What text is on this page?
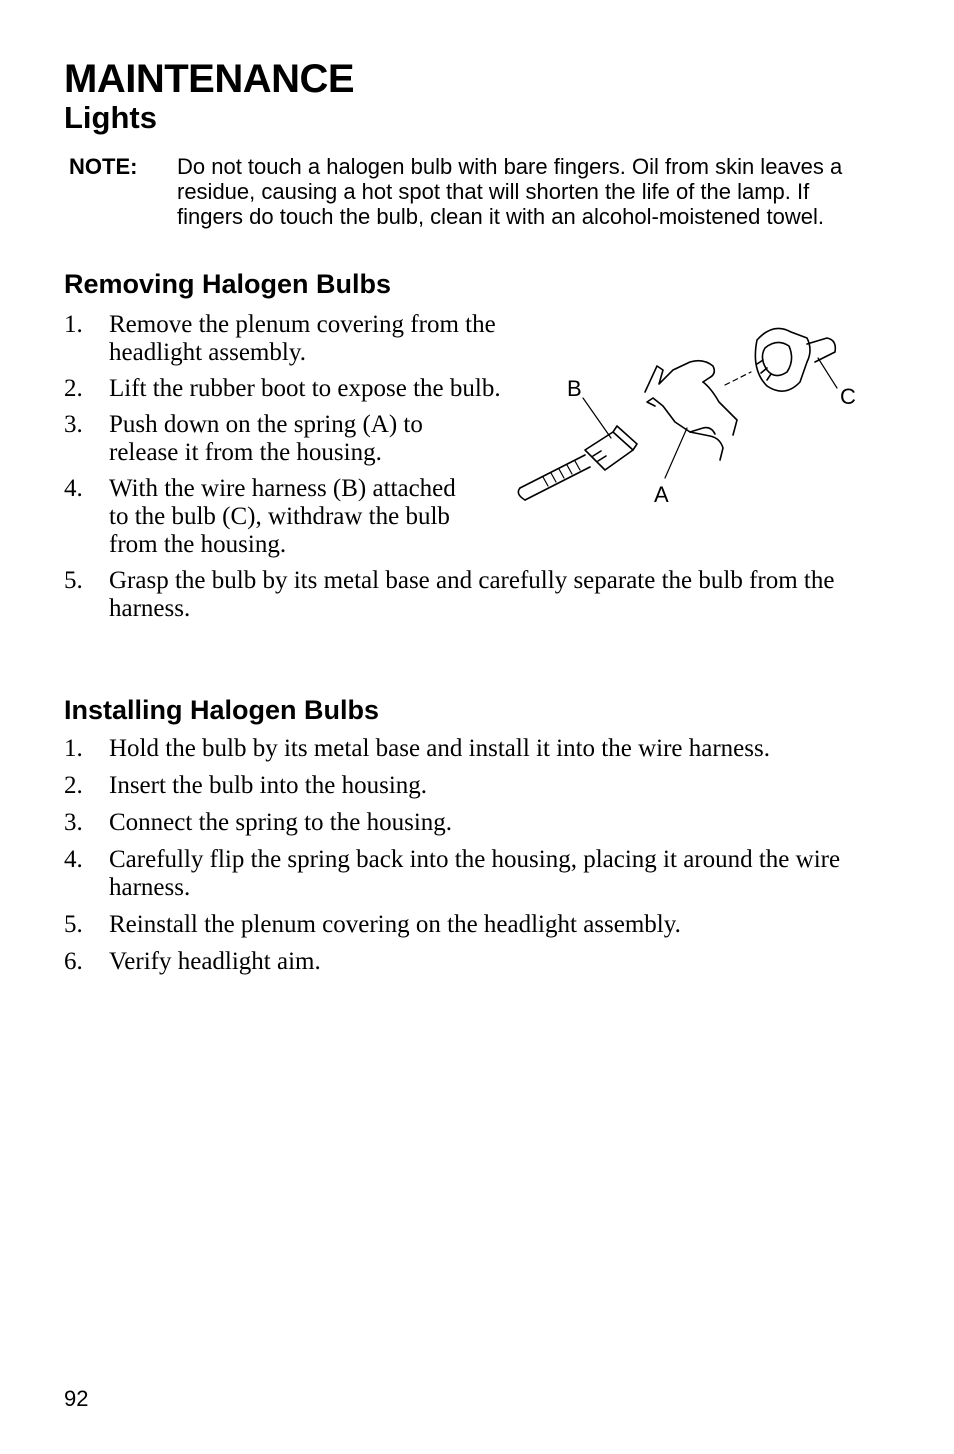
MAINTENANCE
Lights
NOTE: Do not touch a halogen bulb with bare fingers. Oil from skin leaves a residue, causing a hot spot that will shorten the life of the lamp. If fingers do touch the bulb, clean it with an alcohol-moistened towel.
Removing Halogen Bulbs
1. Remove the plenum covering from the headlight assembly.
2. Lift the rubber boot to expose the bulb.
3. Push down on the spring (A) to release it from the housing.
4. With the wire harness (B) attached to the bulb (C), withdraw the bulb from the housing.
5. Grasp the bulb by its metal base and carefully separate the bulb from the harness.
B
A
C
Installing Halogen Bulbs
1. Hold the bulb by its metal base and install it into the wire harness.
2. Insert the bulb into the housing.
3. Connect the spring to the housing.
4. Carefully flip the spring back into the housing, placing it around the wire harness.
5. Reinstall the plenum covering on the headlight assembly.
6. Verify headlight aim.
92
